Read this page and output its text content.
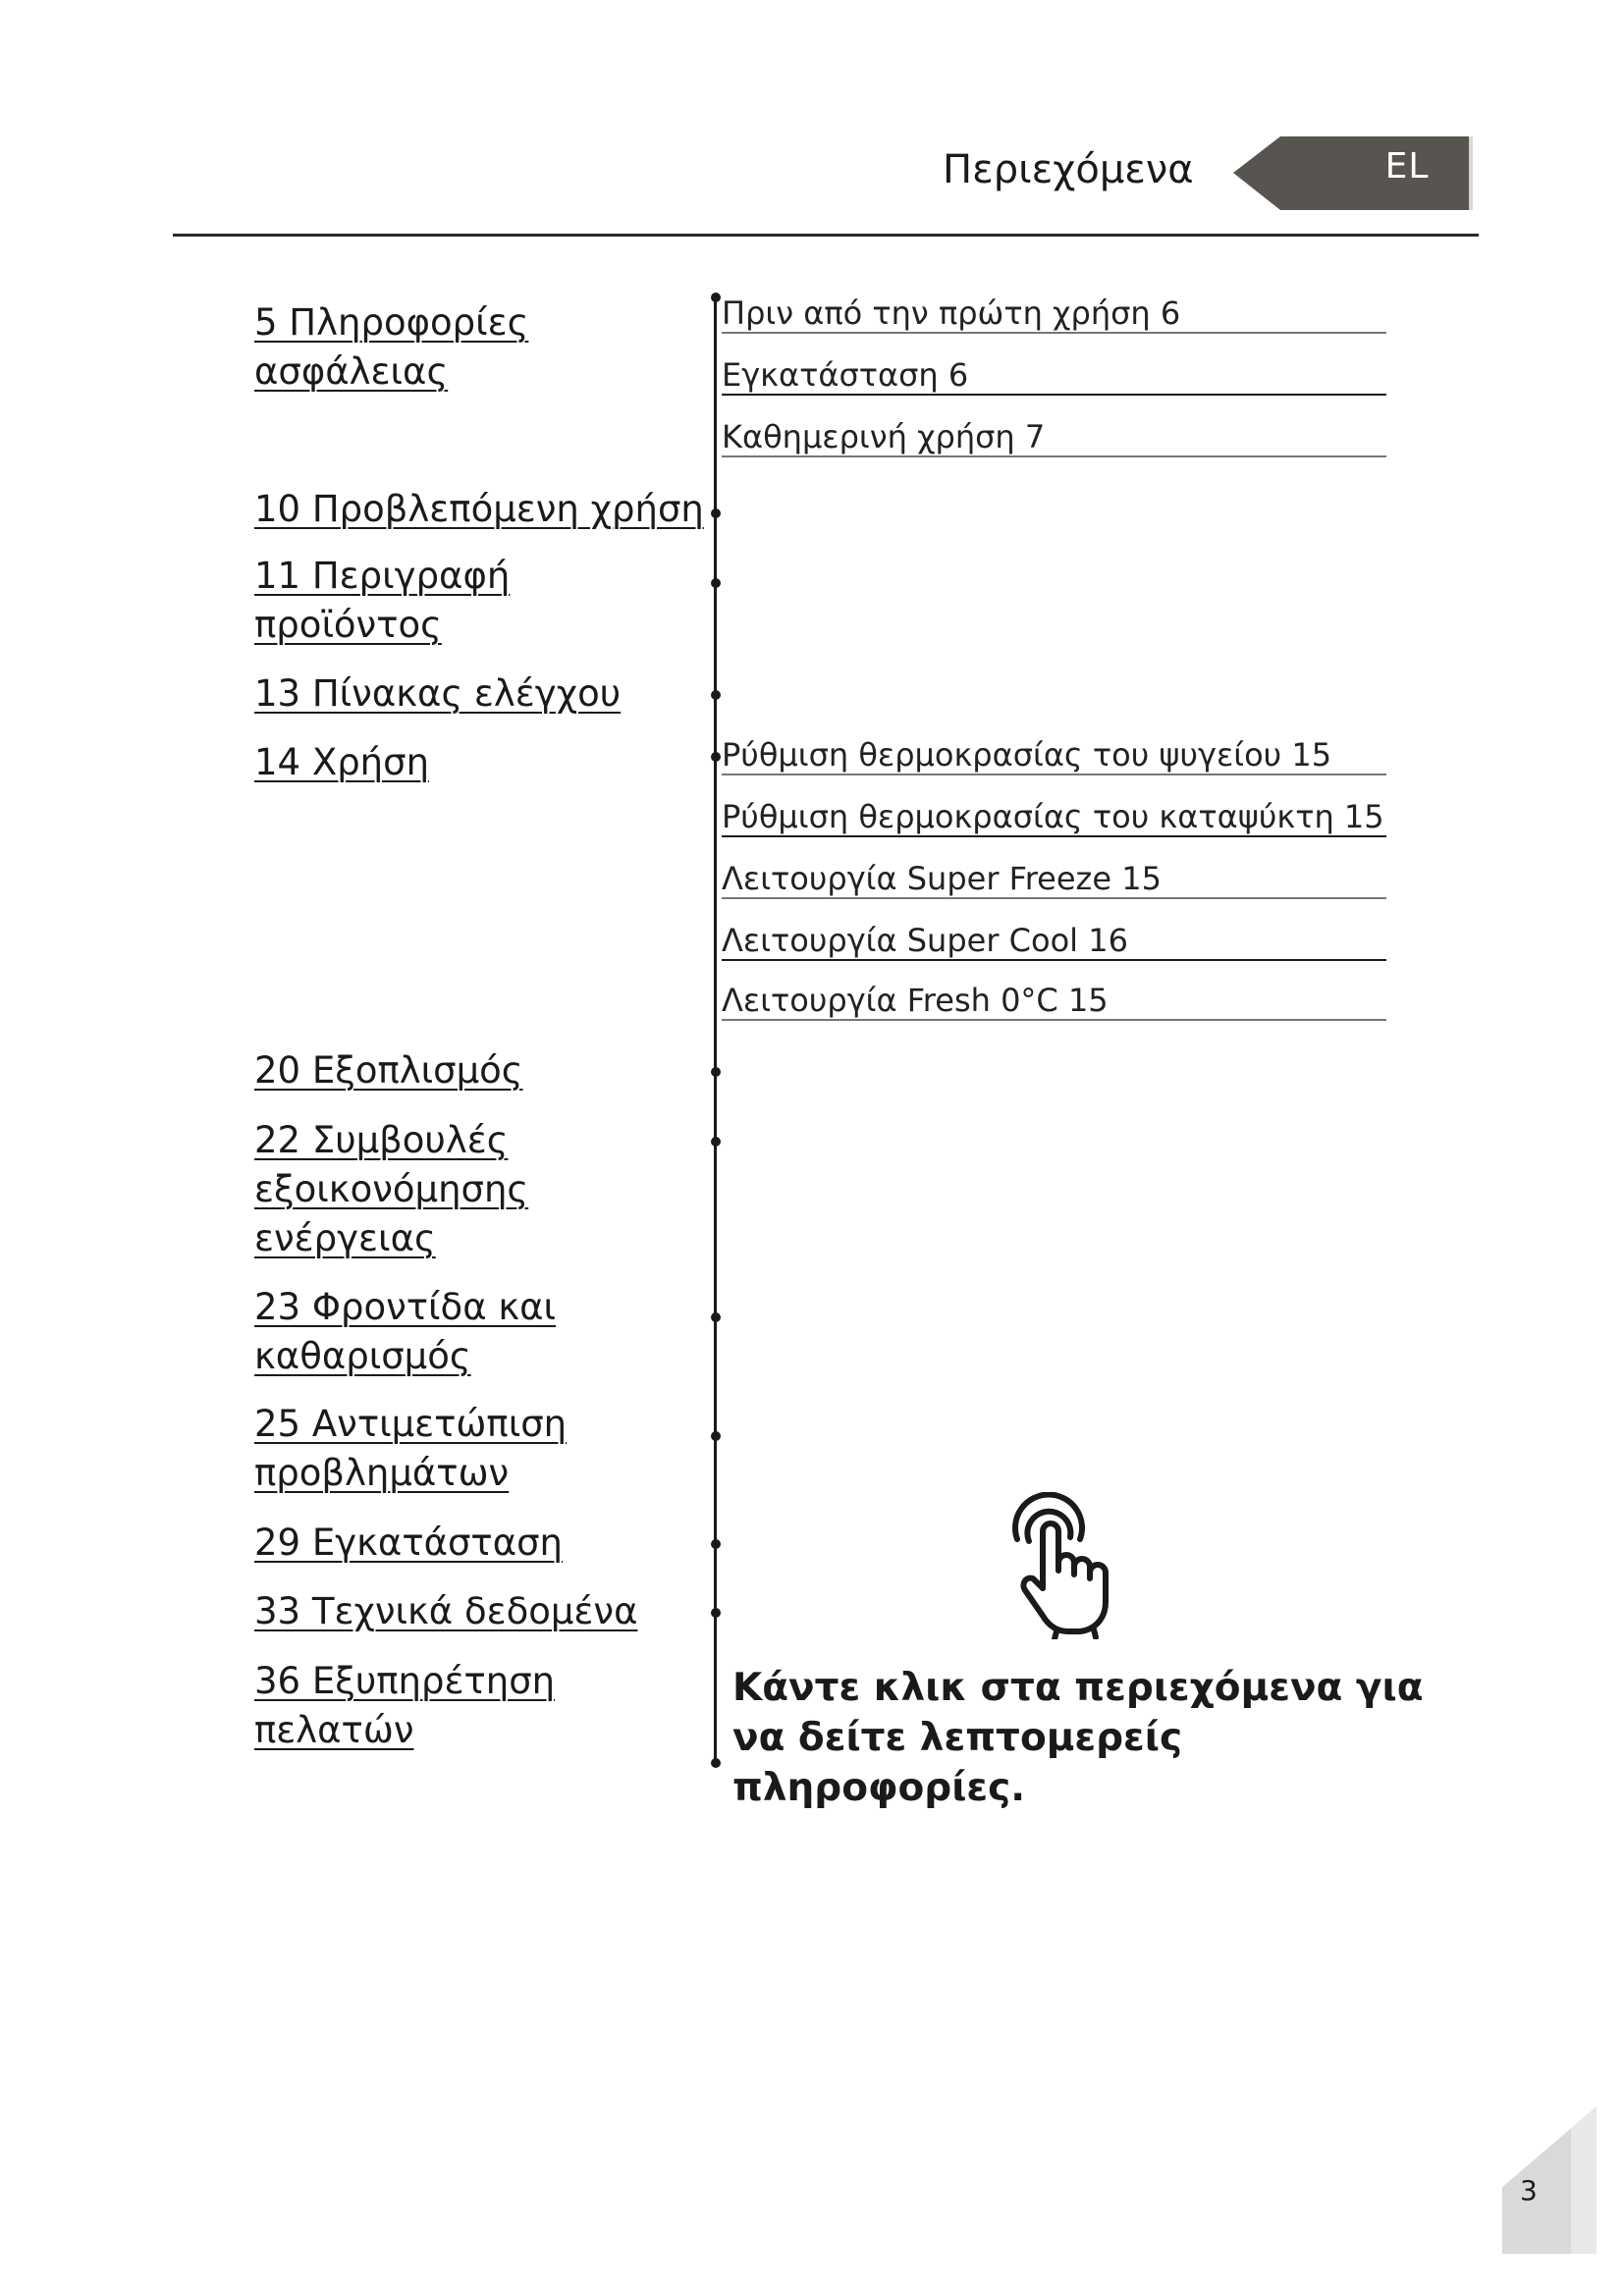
Περιεχόμενα	EL
5 Πληροφορίες
ασφάλειας
10 Προβλεπόμενη χρήση
11 Περιγραφή
προϊόντος
13 Πίνακας ελέγχου
14 Χρήση
20 Εξοπλισμός
22 Συμβουλές
εξοικονόμησης
ενέργειας
23 Φροντίδα και
καθαρισμός
25 Αντιμετώπιση
προβλημάτων
29 Εγκατάσταση
33 Τεχνικά δεδομένα
36 Εξυπηρέτηση
πελατών
Πριν από την πρώτη χρήση 6
Εγκατάσταση 6
Καθημερινή χρήση 7
Ρύθμιση θερμοκρασίας του ψυγείου 15
Ρύθμιση θερμοκρασίας του καταψύκτη 15
Λειτουργία Super Freeze 15
Λειτουργία Super Cool 16
Λειτουργία Fresh 0°C 15
Κάντε κλικ στα περιεχόμενα για
να δείτε λεπτομερείς πληροφορίες.
3
